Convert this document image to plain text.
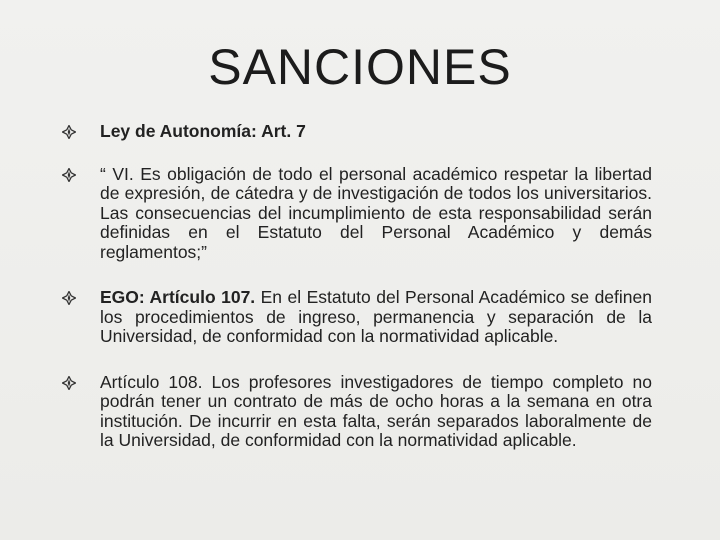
SANCIONES
Ley de Autonomía: Art. 7
“ VI. Es obligación de todo el personal académico respetar la libertad de expresión, de cátedra y de investigación de todos los universitarios. Las consecuencias del incumplimiento de esta responsabilidad serán definidas en el Estatuto del Personal Académico y demás reglamentos;”
EGO: Artículo 107. En el Estatuto del Personal Académico se definen los procedimientos de ingreso, permanencia y separación de la Universidad, de conformidad con la normatividad aplicable.
Artículo 108. Los profesores investigadores de tiempo completo no podrán tener un contrato de más de ocho horas a la semana en otra institución. De incurrir en esta falta, serán separados laboralmente de la Universidad, de conformidad con la normatividad aplicable.
